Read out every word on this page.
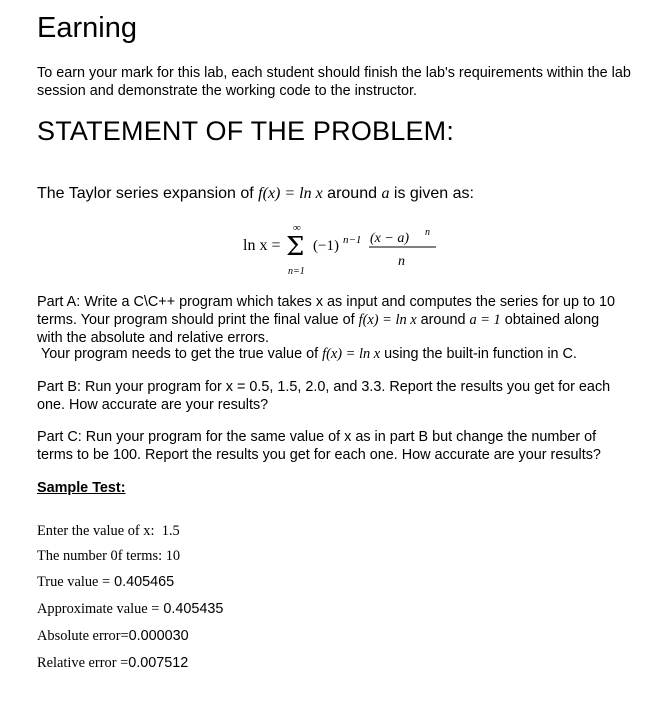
Earning
To earn your mark for this lab, each student should finish the lab's requirements within the lab session and demonstrate the working code to the instructor.
STATEMENT OF THE PROBLEM:
The Taylor series expansion of f(x) = ln x around a is given as:
ln x =
∞
Σ
n=1
(−1) n−1 (x − a) n
n
Part A: Write a C\C++ program which takes x as input and computes the series for up to 10
terms. Your program should print the final value of f(x) = ln x around a = 1 obtained along
with the absolute and relative errors.
Your program needs to get the true value of f(x) = ln x using the built-in function in C.
Part B: Run your program for x = 0.5, 1.5, 2.0, and 3.3. Report the results you get for each
one. How accurate are your results?
Part C: Run your program for the same value of x as in part B but change the number of
terms to be 100. Report the results you get for each one. How accurate are your results?
Sample Test:
Enter the value of x: 1.5
The number 0f terms: 10
True value = 0.405465
Approximate value = 0.405435
Absolute error=0.000030
Relative error =0.007512
